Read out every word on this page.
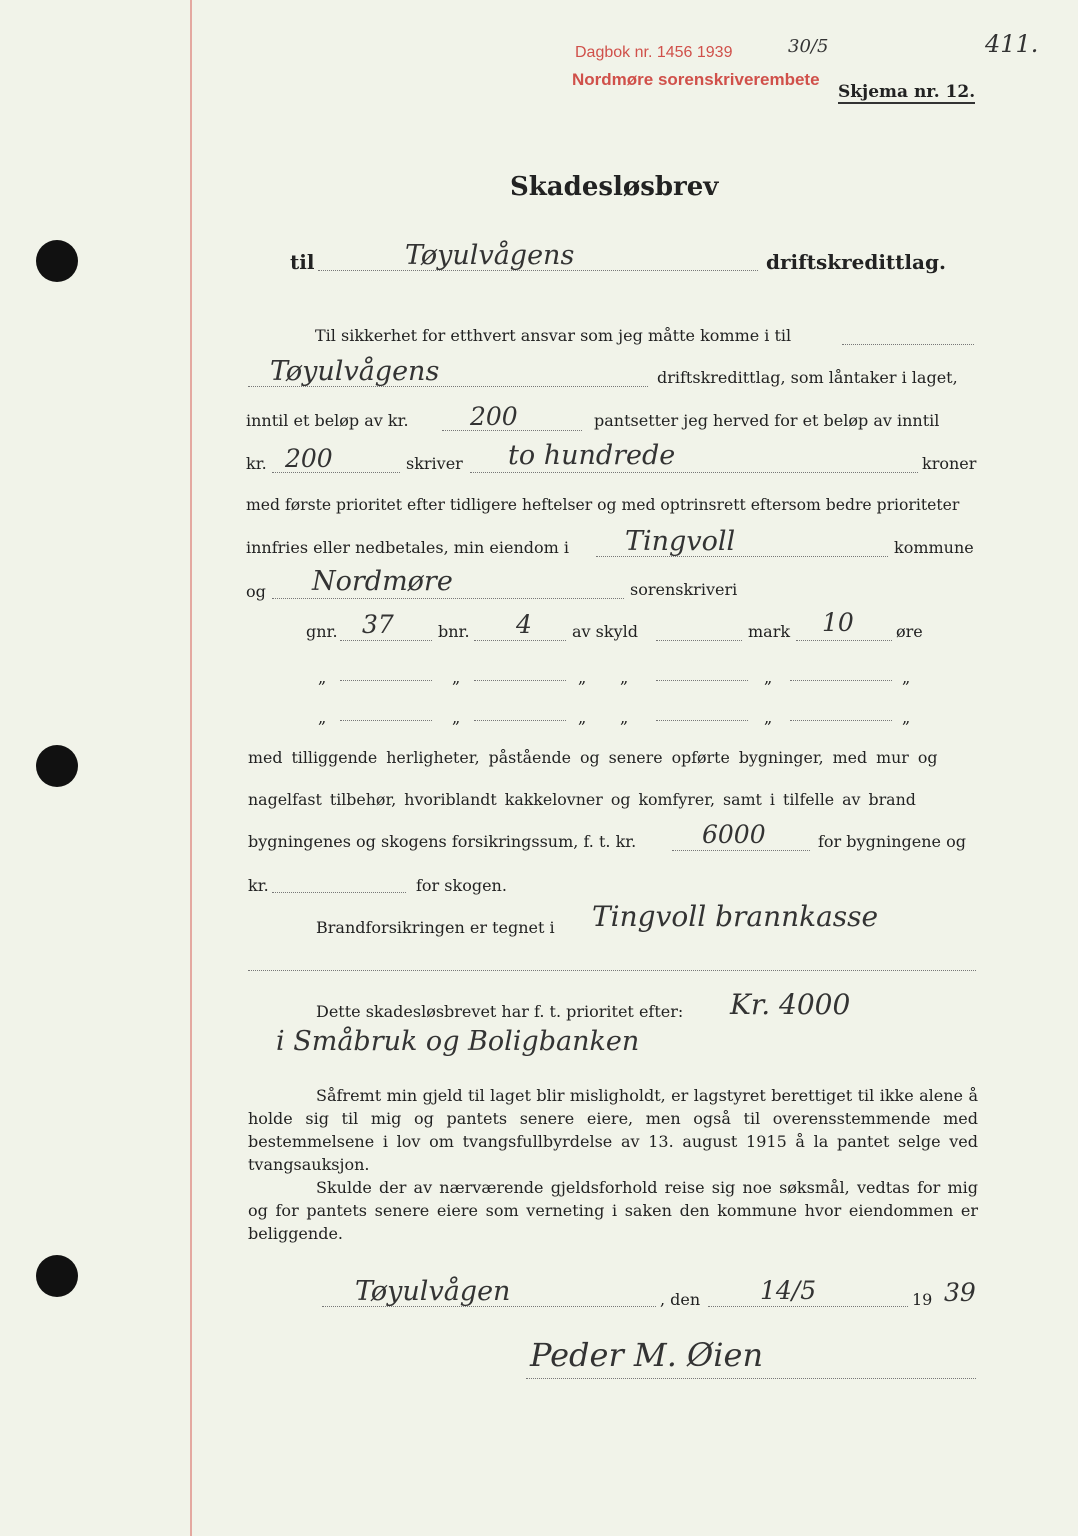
Dagbok nr. 1456 1939	30/5
Nordmøre sorenskriverembete
Skjema nr. 12.
411.
Skadesløsbrev
til	Tøyulvågens	driftskredittlag.
Til sikkerhet for etthvert ansvar som jeg måtte komme i til
Tøyulvågens	driftskredittlag, som låntaker i laget,
inntil et beløp av kr. 200	pantsetter jeg herved for et beløp av inntil
kr. 200	skriver to hundrede	kroner
med første prioritet efter tidligere heftelser og med optrinsrett eftersom bedre prioriteter
innfries eller nedbetales, min eiendom i Tingvoll	kommune
og Nordmøre	sorenskriveri
gnr. 37	bnr. 4	av skyld	mark 10	øre
„	„	„ „	„	„
„	„	„ „	„	„
med tilliggende herligheter, påstående og senere opførte bygninger, med mur og
nagelfast tilbehør, hvoriblandt kakkelovner og komfyrer, samt i tilfelle av brand
bygningenes og skogens forsikringssum, f. t. kr.	6000	for bygningene og
kr.	for skogen.
Brandforsikringen er tegnet i Tingvoll brannkasse
Dette skadesløsbrevet har f. t. prioritet efter: Kr. 4000
i Småbruk og Boligbanken
Såfremt min gjeld til laget blir misligholdt, er lagstyret berettiget til ikke alene å holde sig til mig og pantets senere eiere, men også til overensstemmende med bestemmelsene i lov om tvangsfullbyrdelse av 13. august 1915 å la pantet selge ved tvangsauksjon.
Skulde der av nærværende gjeldsforhold reise sig noe søksmål, vedtas for mig og for pantets senere eiere som verneting i saken den kommune hvor eiendommen er beliggende.
Tøyulvågen	, den 14/5	19 39
Peder M. Øien
